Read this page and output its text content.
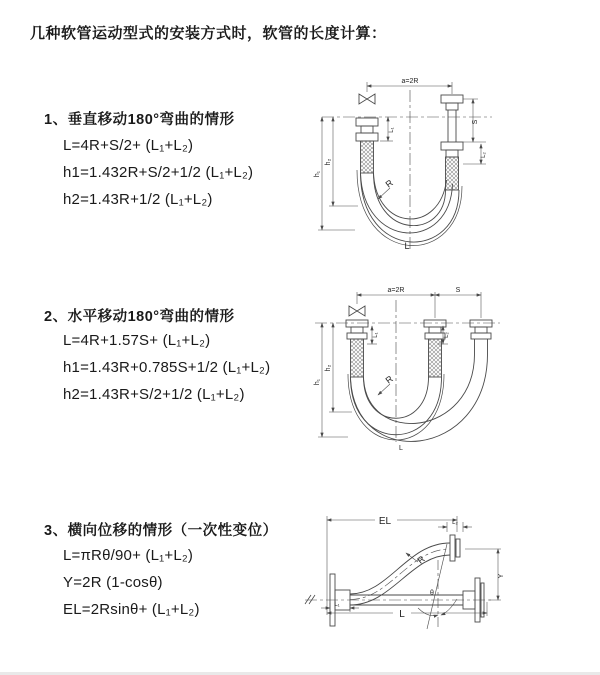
几种软管运动型式的安装方式时，软管的长度计算：
1、垂直移动180°弯曲的情形
L=4R+S/2+ (L₁+L₂)
h1=1.432R+S/2+1/2 (L₁+L₂)
h2=1.43R+1/2 (L₁+L₂)
2、水平移动180°弯曲的情形
L=4R+1.57S+ (L₁+L₂)
h1=1.43R+0.785S+1/2 (L₁+L₂)
h2=1.43R+S/2+1/2 (L₁+L₂)
3、横向位移的情形（一次性变位）
L=πRθ/90+ (L₁+L₂)
Y=2R (1-cosθ)
EL=2Rsinθ+ (L₁+L₂)
a=2R
S
L₂
h₁
h₂
L₁
R
L
a=2R	S
h₁
h₂
L₁	L₂
R
L
EL	L₂
Y
R
θ
L
L₁
